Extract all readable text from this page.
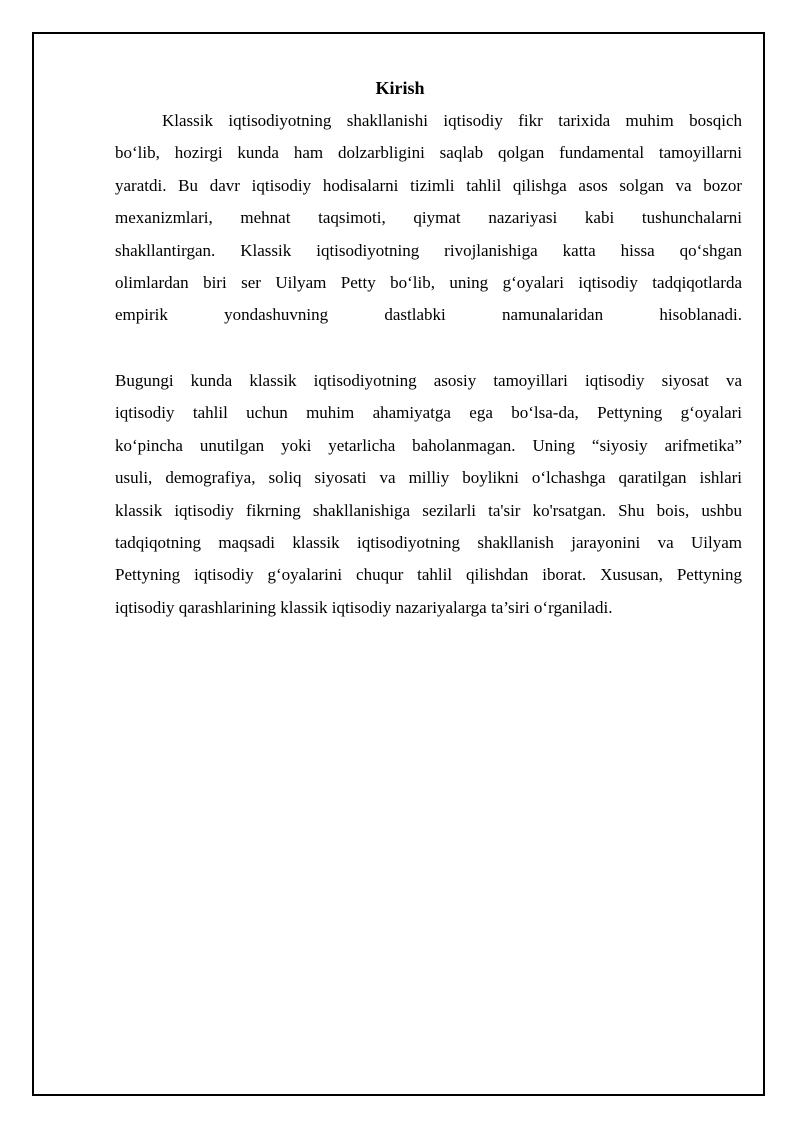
Kirish
Klassik iqtisodiyotning shakllanishi iqtisodiy fikr tarixida muhim bosqich
bo‘lib, hozirgi kunda ham dolzarbligini saqlab qolgan fundamental tamoyillarni
yaratdi. Bu davr iqtisodiy hodisalarni tizimli tahlil qilishga asos solgan va bozor
mexanizmlari, mehnat taqsimoti, qiymat nazariyasi kabi tushunchalarni
shakllantirgan. Klassik iqtisodiyotning rivojlanishiga katta hissa qo‘shgan
olimlardan biri ser Uilyam Petty bo‘lib, uning g‘oyalari iqtisodiy tadqiqotlarda
empirik yondashuvning dastlabki namunalaridan hisoblanadi.
Bugungi kunda klassik iqtisodiyotning asosiy tamoyillari iqtisodiy siyosat va
iqtisodiy tahlil uchun muhim ahamiyatga ega bo‘lsa-da, Pettyning g‘oyalari
ko‘pincha unutilgan yoki yetarlicha baholanmagan. Uning “siyosiy arifmetika”
usuli, demografiya, soliq siyosati va milliy boylikni o‘lchashga qaratilgan ishlari
klassik iqtisodiy fikrning shakllanishiga sezilarli ta'sir ko'rsatgan. Shu bois, ushbu
tadqiqotning maqsadi klassik iqtisodiyotning shakllanish jarayonini va Uilyam
Pettyning iqtisodiy g‘oyalarini chuqur tahlil qilishdan iborat. Xususan, Pettyning
iqtisodiy qarashlarining klassik iqtisodiy nazariyalarga ta’siri o‘rganiladi.
